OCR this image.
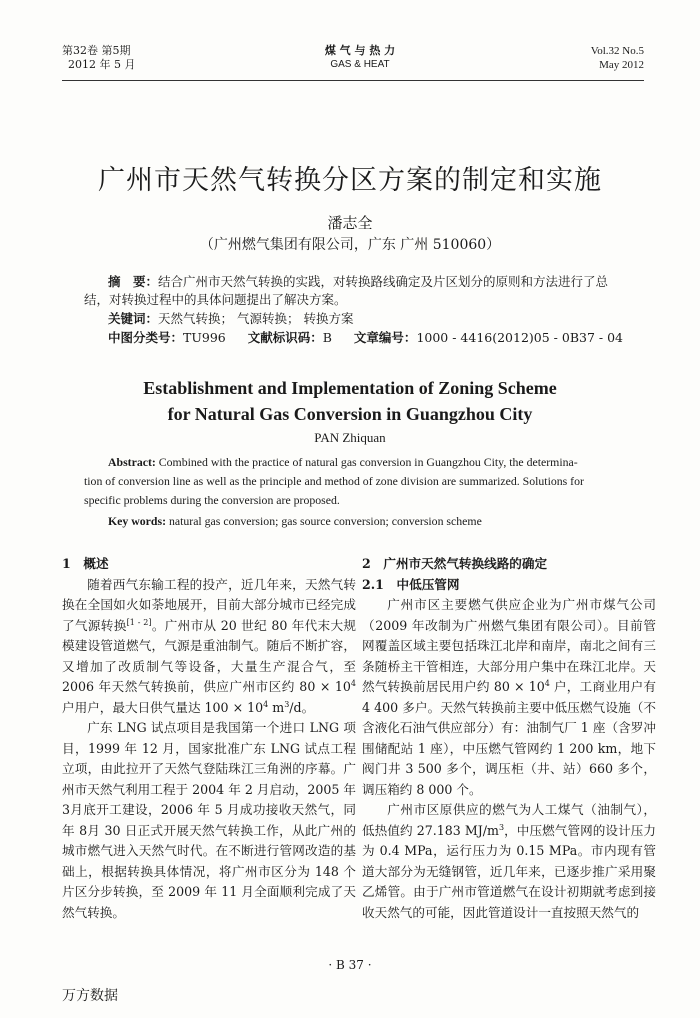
第32卷 第5期
2012 年 5 月
煤 气 与 热 力
GAS & HEAT
Vol.32 No.5
May 2012
广州市天然气转换分区方案的制定和实施
潘志全
（广州燃气集团有限公司，广东 广州 510060）
摘　要：结合广州市天然气转换的实践，对转换路线确定及片区划分的原则和方法进行了总
结，对转换过程中的具体问题提出了解决方案。
关键词：天然气转换； 气源转换； 转换方案
中图分类号：TU996 文献标识码：B 文章编号：1000 - 4416(2012)05 - 0B37 - 04
Establishment and Implementation of Zoning Scheme
for Natural Gas Conversion in Guangzhou City
PAN Zhiquan
Abstract: Combined with the practice of natural gas conversion in Guangzhou City, the determina-
tion of conversion line as well as the principle and method of zone division are summarized. Solutions for
specific problems during the conversion are proposed.
Key words: natural gas conversion; gas source conversion; conversion scheme

1　概述

随着西气东输工程的投产，近几年来，天然气转换在全国如火如荼地展开，目前大部分城市已经完成了气源转换[1 - 2]。广州市从 20 世纪 80 年代末大规模建设管道燃气，气源是重油制气。随后不断扩容，又增加了改质制气等设备，大量生产混合气，至2006 年天然气转换前，供应广州市区约 $80 \times 10^4$ 户用户，最大日供气量达 $100 \times 10^4$ $m^3/d$。

广东 LNG 试点项目是我国第一个进口 LNG 项目，1999 年 12 月，国家批准广东 LNG 试点工程立项，由此拉开了天然气登陆珠江三角洲的序幕。广州市天然气利用工程于 2004 年 2 月启动，2005 年 3月底开工建设，2006 年 5 月成功接收天然气，同年 8月 30 日正式开展天然气转换工作，从此广州的城市燃气进入天然气时代。在不断进行管网改造的基础上，根据转换具体情况，将广州市区分为 148 个片区分步转换，至 2009 年 11 月全面顺利完成了天然气转换。

2　广州市天然气转换线路的确定

2.1　中低压管网

广州市区主要燃气供应企业为广州市煤气公司（2009 年改制为广州燃气集团有限公司）。目前管网覆盖区域主要包括珠江北岸和南岸，南北之间有三条随桥主干管相连，大部分用户集中在珠江北岸。天然气转换前居民用户约 $80 \times 10^4$ 户，工商业用户有 4 400 多户。天然气转换前主要中低压燃气设施（不含液化石油气供应部分）有：油制气厂 1 座（含罗冲围储配站 1 座），中压燃气管网约 1 200 km，地下阀门井 3 500 多个，调压柜（井、站）660 多个，调压箱约 8 000 个。

广州市区原供应的燃气为人工煤气（油制气），低热值约 27.183 $MJ/m^3$，中压燃气管网的设计压力为 0.4 MPa，运行压力为 0.15 MPa。市内现有管道大部分为无缝钢管，近几年来，已逐步推广采用聚乙烯管。由于广州市管道燃气在设计初期就考虑到接收天然气的可能，因此管道设计一直按照天然气的

· B 37 ·
万方数据
